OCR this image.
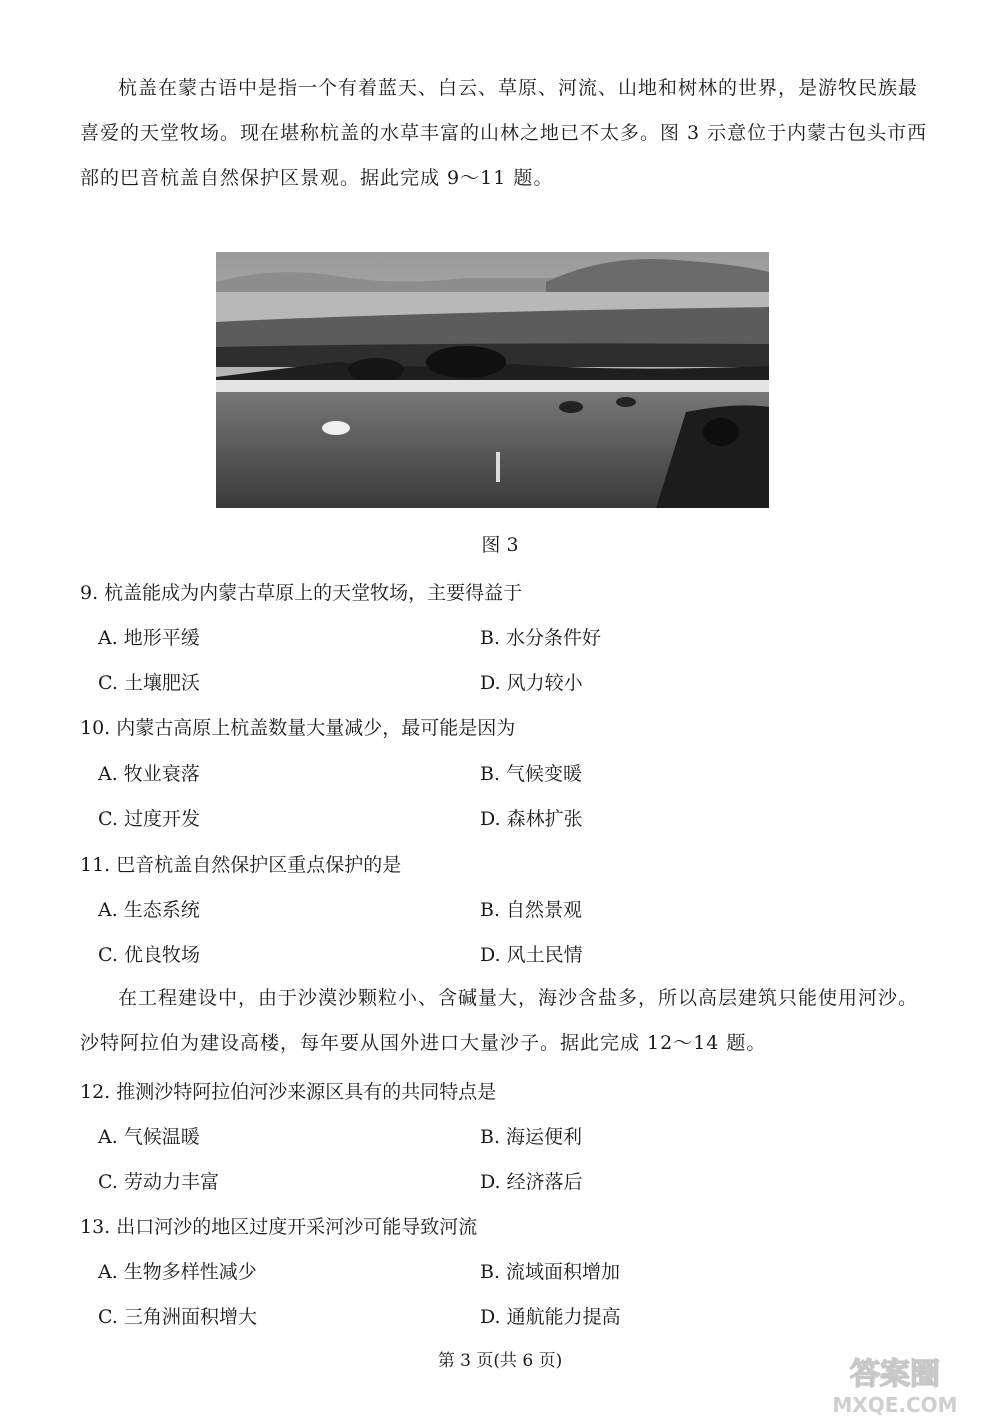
杭盖在蒙古语中是指一个有着蓝天、白云、草原、河流、山地和树林的世界，是游牧民族最喜爱的天堂牧场。现在堪称杭盖的水草丰富的山林之地已不太多。图 3 示意位于内蒙古包头市西部的巴音杭盖自然保护区景观。据此完成 9～11 题。

图 3

9. 杭盖能成为内蒙古草原上的天堂牧场，主要得益于

A. 地形平缓	B. 水分条件好
C. 土壤肥沃	D. 风力较小

10. 内蒙古高原上杭盖数量大量减少，最可能是因为

A. 牧业衰落	B. 气候变暖
C. 过度开发	D. 森林扩张

11. 巴音杭盖自然保护区重点保护的是

A. 生态系统	B. 自然景观
C. 优良牧场	D. 风土民情

在工程建设中，由于沙漠沙颗粒小、含碱量大，海沙含盐多，所以高层建筑只能使用河沙。沙特阿拉伯为建设高楼，每年要从国外进口大量沙子。据此完成 12～14 题。

12. 推测沙特阿拉伯河沙来源区具有的共同特点是

A. 气候温暖	B. 海运便利
C. 劳动力丰富	D. 经济落后

13. 出口河沙的地区过度开采河沙可能导致河流

A. 生物多样性减少	B. 流域面积增加
C. 三角洲面积增大	D. 通航能力提高
第 3 页(共 6 页)	答案圈
MXQE.COM
